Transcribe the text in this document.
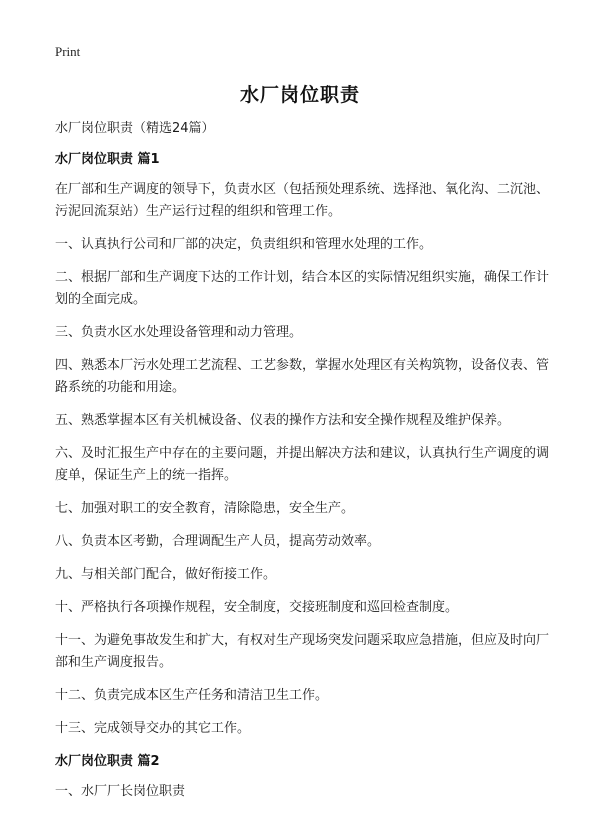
Print
水厂岗位职责

水厂岗位职责（精选24篇）

水厂岗位职责 篇1

在厂部和生产调度的领导下，负责水区（包括预处理系统、选择池、氧化沟、二沉池、污泥回流泵站）生产运行过程的组织和管理工作。

一、认真执行公司和厂部的决定，负责组织和管理水处理的工作。

二、根据厂部和生产调度下达的工作计划，结合本区的实际情况组织实施，确保工作计划的全面完成。

三、负责水区水处理设备管理和动力管理。

四、熟悉本厂污水处理工艺流程、工艺参数，掌握水处理区有关构筑物，设备仪表、管路系统的功能和用途。

五、熟悉掌握本区有关机械设备、仪表的操作方法和安全操作规程及维护保养。

六、及时汇报生产中存在的主要问题，并提出解决方法和建议，认真执行生产调度的调度单，保证生产上的统一指挥。

七、加强对职工的安全教育，清除隐患，安全生产。

八、负责本区考勤，合理调配生产人员，提高劳动效率。

九、与相关部门配合，做好衔接工作。

十、严格执行各项操作规程，安全制度，交接班制度和巡回检查制度。

十一、为避免事故发生和扩大，有权对生产现场突发问题采取应急措施，但应及时向厂部和生产调度报告。

十二、负责完成本区生产任务和清洁卫生工作。

十三、完成领导交办的其它工作。

水厂岗位职责 篇2

一、水厂厂长岗位职责
